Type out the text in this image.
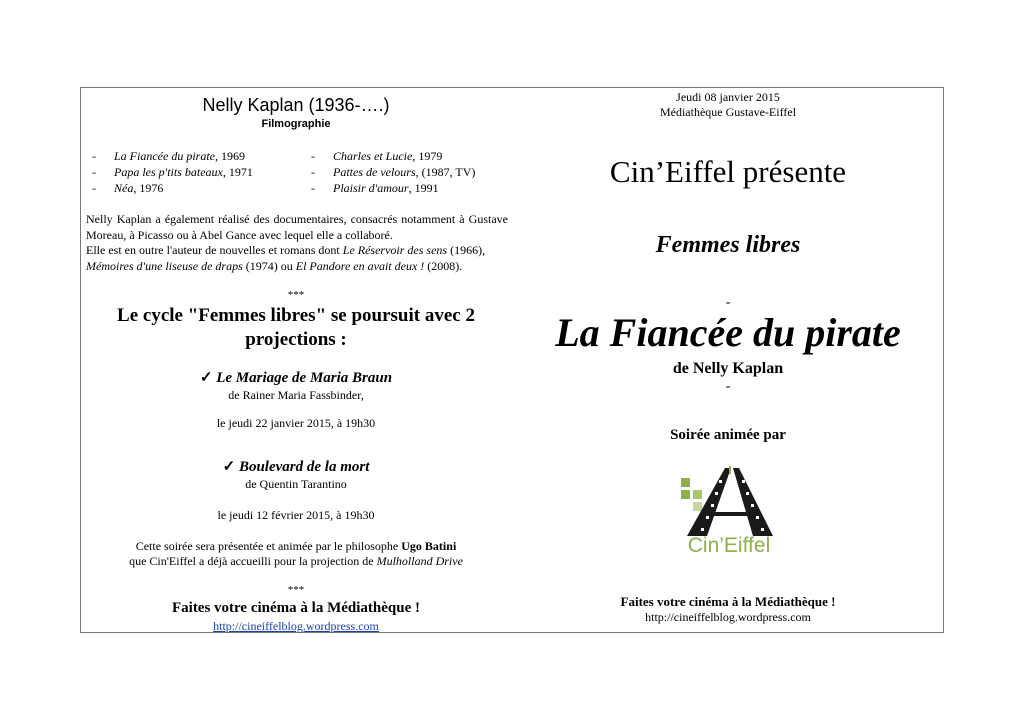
Nelly Kaplan (1936-….)
Filmographie
-	La Fiancée du pirate, 1969
-	Papa les p'tits bateaux, 1971
-	Néa, 1976
-	Charles et Lucie, 1979
-	Pattes de velours, (1987, TV)
-	Plaisir d'amour, 1991
Nelly Kaplan a également réalisé des documentaires, consacrés notamment à Gustave Moreau, à Picasso ou à Abel Gance avec lequel elle a collaboré.
Elle est en outre l'auteur de nouvelles et romans dont Le Réservoir des sens (1966), Mémoires d'une liseuse de draps (1974) ou El Pandore en avait deux ! (2008).
***
Le cycle "Femmes libres" se poursuit avec 2 projections :
✓ Le Mariage de Maria Braun
de Rainer Maria Fassbinder,
le jeudi 22 janvier 2015, à 19h30
✓ Boulevard de la mort
de Quentin Tarantino
le jeudi 12 février 2015, à 19h30
Cette soirée sera présentée et animée par le philosophe Ugo Batini
que Cin'Eiffel a déjà accueilli pour la projection de Mulholland Drive
***
Faites votre cinéma à la Médiathèque !
http://cineiffelblog.wordpress.com
Jeudi 08 janvier 2015
Médiathèque Gustave-Eiffel
Cin’Eiffel présente
Femmes libres
-
La Fiancée du pirate
de Nelly Kaplan
-
Soirée animée par
Cin’Eiffel
Faites votre cinéma à la Médiathèque !
http://cineiffelblog.wordpress.com
